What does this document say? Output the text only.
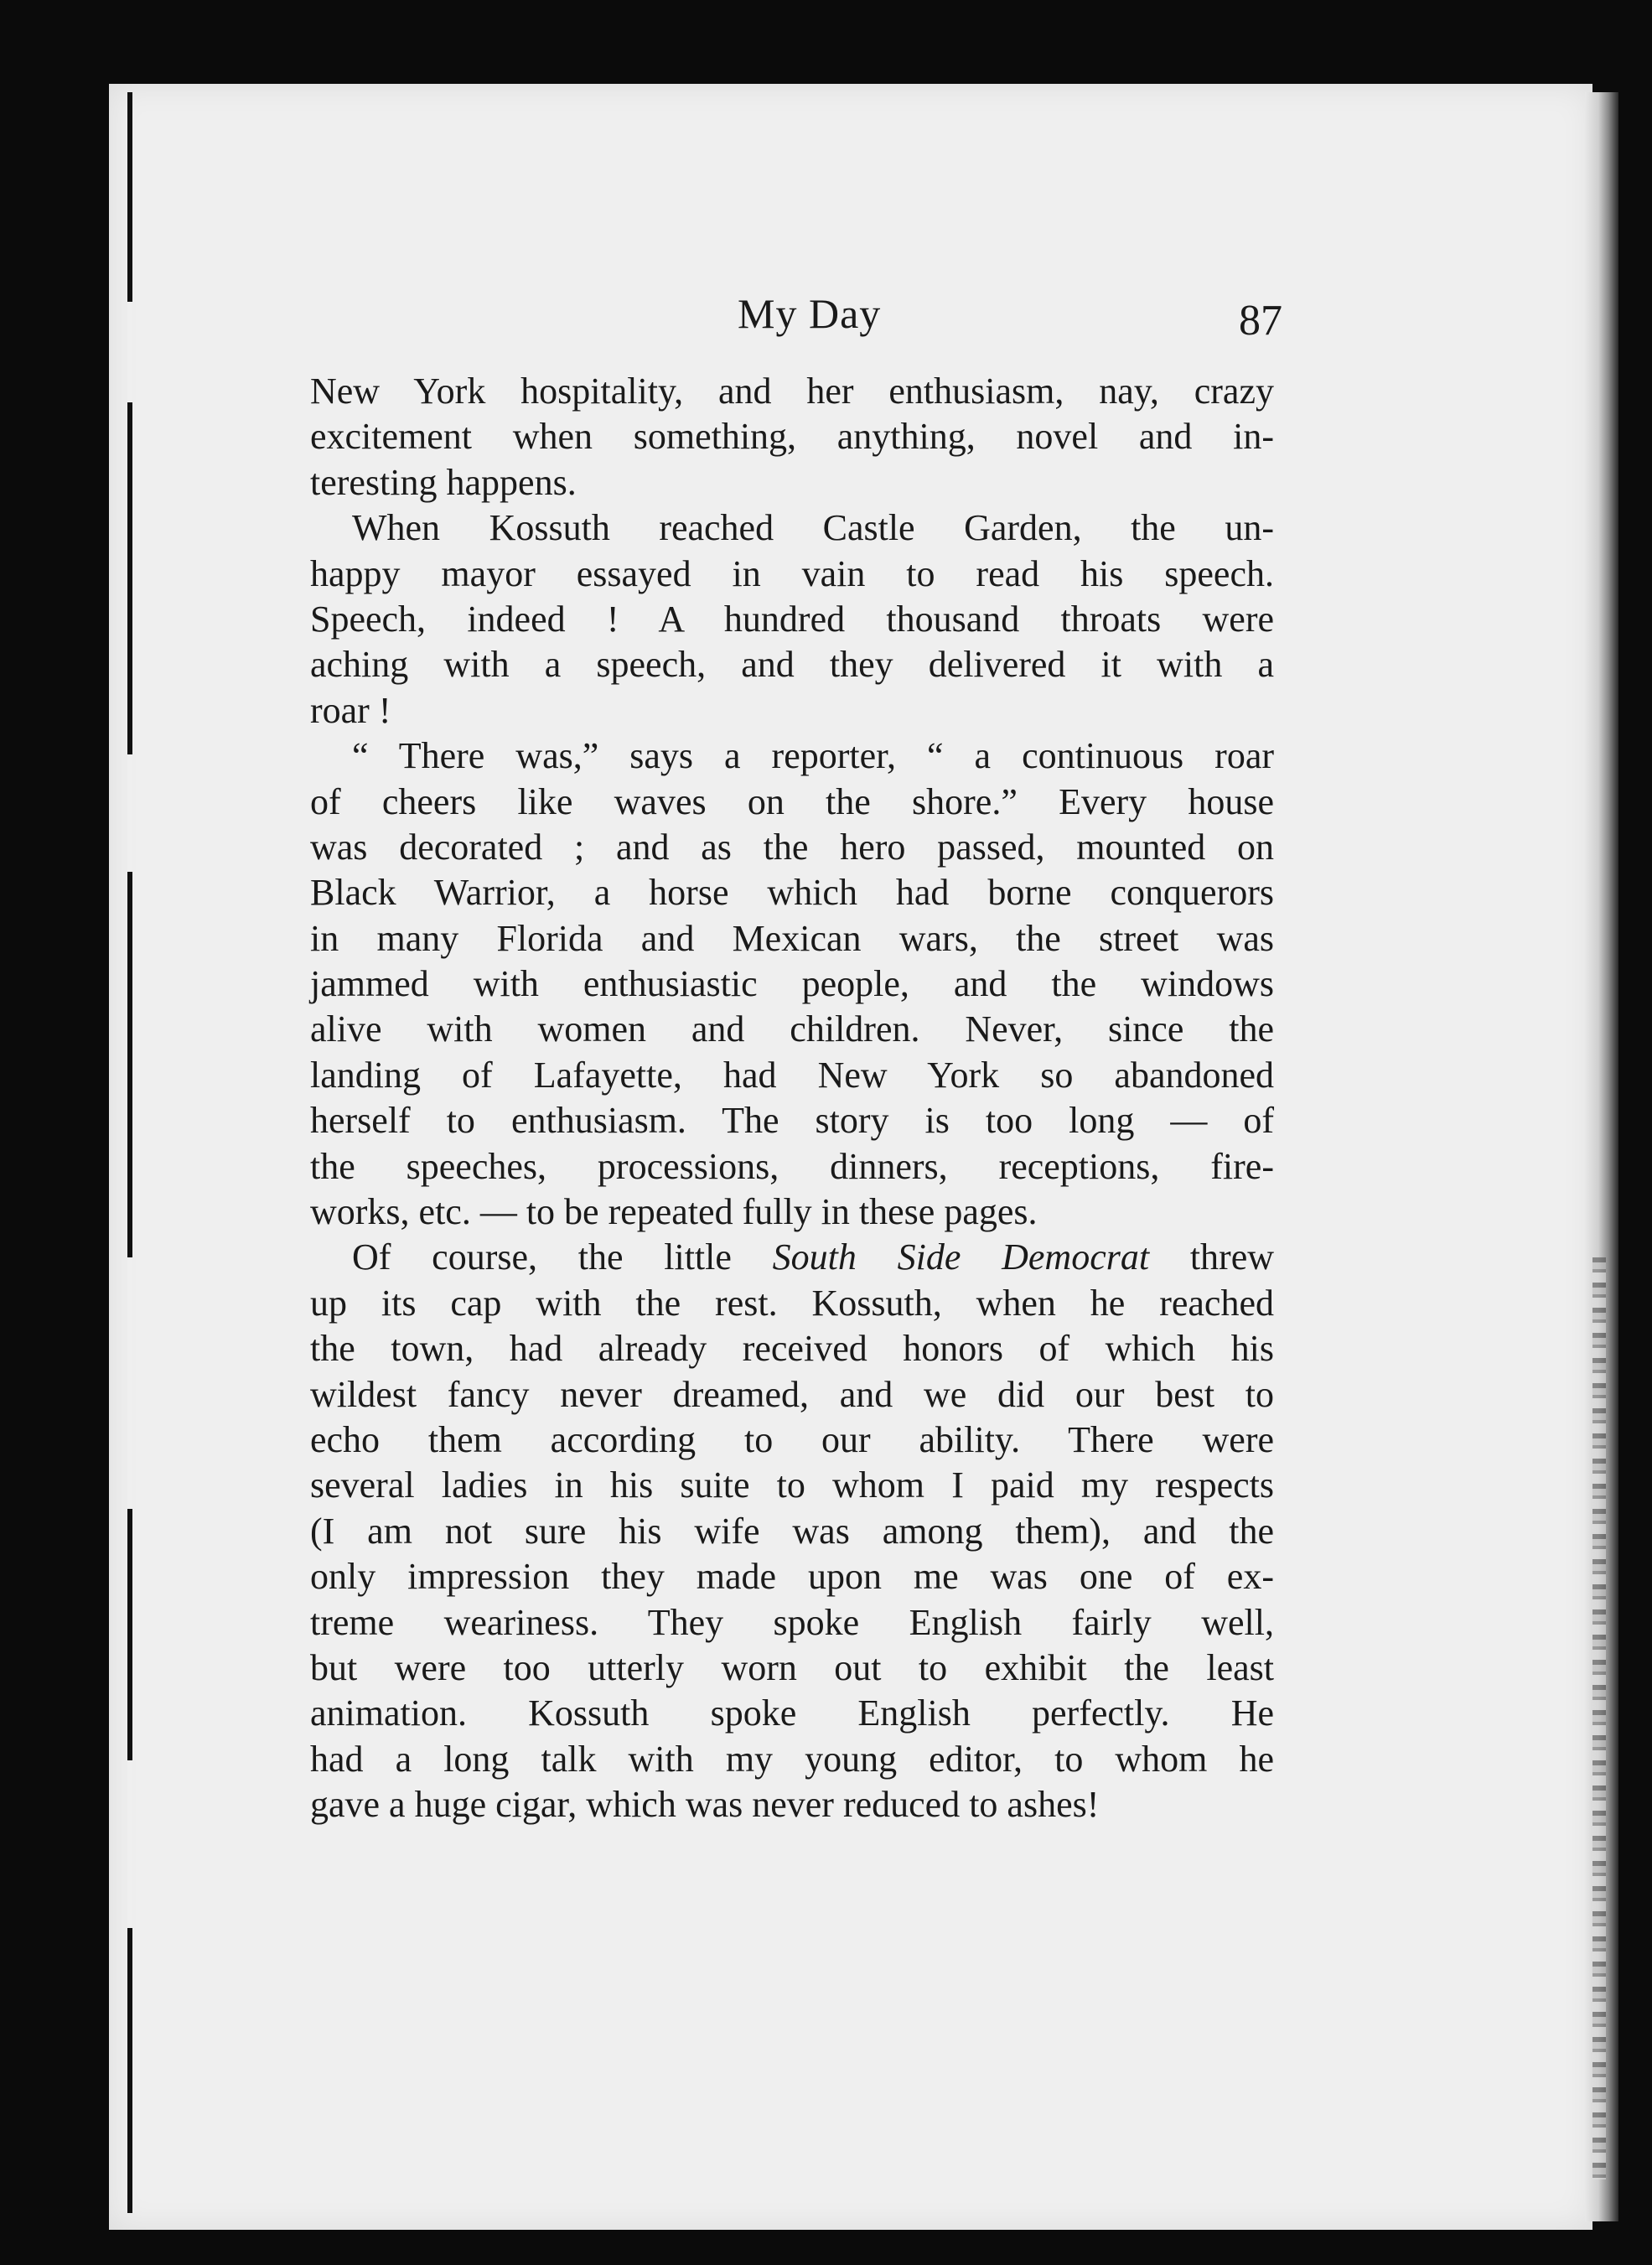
My Day	87
New York hospitality, and her enthusiasm, nay, crazy
excitement when something, anything, novel and in-
teresting happens.
When Kossuth reached Castle Garden, the un-
happy mayor essayed in vain to read his speech.
Speech, indeed ! A hundred thousand throats were
aching with a speech, and they delivered it with a
roar !
“ There was,” says a reporter, “ a continuous roar
of cheers like waves on the shore.” Every house
was decorated ; and as the hero passed, mounted on
Black Warrior, a horse which had borne conquerors
in many Florida and Mexican wars, the street was
jammed with enthusiastic people, and the windows
alive with women and children. Never, since the
landing of Lafayette, had New York so abandoned
herself to enthusiasm. The story is too long — of
the speeches, processions, dinners, receptions, fire-
works, etc. — to be repeated fully in these pages.
Of course, the little South Side Democrat threw
up its cap with the rest. Kossuth, when he reached
the town, had already received honors of which his
wildest fancy never dreamed, and we did our best to
echo them according to our ability. There were
several ladies in his suite to whom I paid my respects
(I am not sure his wife was among them), and the
only impression they made upon me was one of ex-
treme weariness. They spoke English fairly well,
but were too utterly worn out to exhibit the least
animation. Kossuth spoke English perfectly. He
had a long talk with my young editor, to whom he
gave a huge cigar, which was never reduced to ashes!
